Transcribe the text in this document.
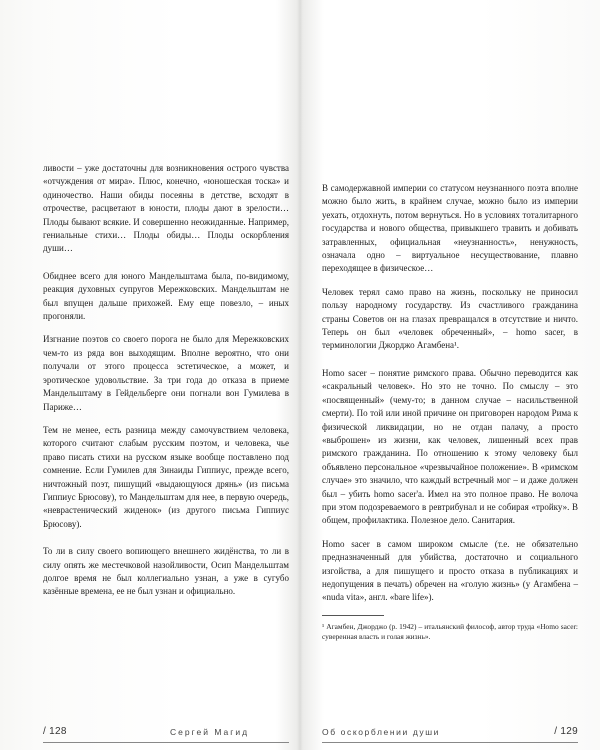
ливости – уже достаточны для возникновения острого чувства «отчуждения от мира». Плюс, конечно, «юношеская тоска» и одиночество. Наши обиды посеяны в детстве, всходят в отрочестве, расцветают в юности, плоды дают в зрелости… Плоды бывают всякие. И совершенно неожиданные. Например, гениальные стихи… Плоды обиды… Плоды оскорбления души…

Обиднее всего для юного Мандельштама была, по-видимому, реакция духовных супругов Мережковских. Мандельштам не был впущен дальше прихожей. Ему еще повезло, – иных прогоняли.

Изгнание поэтов со своего порога не было для Мережковских чем-то из ряда вон выходящим. Вполне вероятно, что они получали от этого процесса эстетическое, а может, и эротическое удовольствие. За три года до отказа в приеме Мандельштаму в Гейдельберге они погнали вон Гумилева в Париже…

Тем не менее, есть разница между самочувствием человека, которого считают слабым русским поэтом, и человека, чье право писать стихи на русском языке вообще поставлено под сомнение. Если Гумилев для Зинаиды Гиппиус, прежде всего, ничтожный поэт, пишущий «выдающуюся дрянь» (из письма Гиппиус Брюсову), то Мандельштам для нее, в первую очередь, «неврастенический жиденок» (из другого письма Гиппиус Брюсову).

То ли в силу своего вопиющего внешнего жидёнства, то ли в силу опять же местечковой назойливости, Осип Мандельштам долгое время не был коллегиально узнан, а уже в сугубо казённые времена, ее не был узнан и официально.

/ 128	Сергей Магид

В самодержавной империи со статусом неузнанного поэта вполне можно было жить, в крайнем случае, можно было из империи уехать, отдохнуть, потом вернуться. Но в условиях тоталитарного государства и нового общества, привыкшего травить и добивать затравленных, официальная «неузнанность», ненужность, означала одно – виртуальное несуществование, плавно переходящее в физическое…

Человек терял само право на жизнь, поскольку не приносил пользу народному государству. Из счастливого гражданина страны Советов он на глазах превращался в отсутствие и ничто. Теперь он был «человек обреченный», – homo sacer, в терминологии Джорджо Агамбена¹.

Homo sacer – понятие римского права. Обычно переводится как «сакральный человек». Но это не точно. По смыслу – это «посвященный» (чему-то; в данном случае – насильственной смерти). По той или иной причине он приговорен народом Рима к физической ликвидации, но не отдан палачу, а просто «выброшен» из жизни, как человек, лишенный всех прав римского гражданина. По отношению к этому человеку был объявлено персональное «чрезвычайное положение». В «римском случае» это значило, что каждый встречный мог – и даже должен был – убить homo sacer'a. Имел на это полное право. Не волоча при этом подозреваемого в ревтрибунал и не собирая «тройку». В общем, профилактика. Полезное дело. Санитария.

Homo sacer в самом широком смысле (т.е. не обязательно предназначенный для убийства, достаточно и социального изгойства, а для пишущего и просто отказа в публикациях и недопущения в печать) обречен на «голую жизнь» (у Агамбена – «nuda vita», англ. «bare life»).

¹ Агамбен, Джорджо (р. 1942) – итальянский философ, автор труда «Homo sacer: суверенная власть и голая жизнь».

Об оскорблении души	/ 129
